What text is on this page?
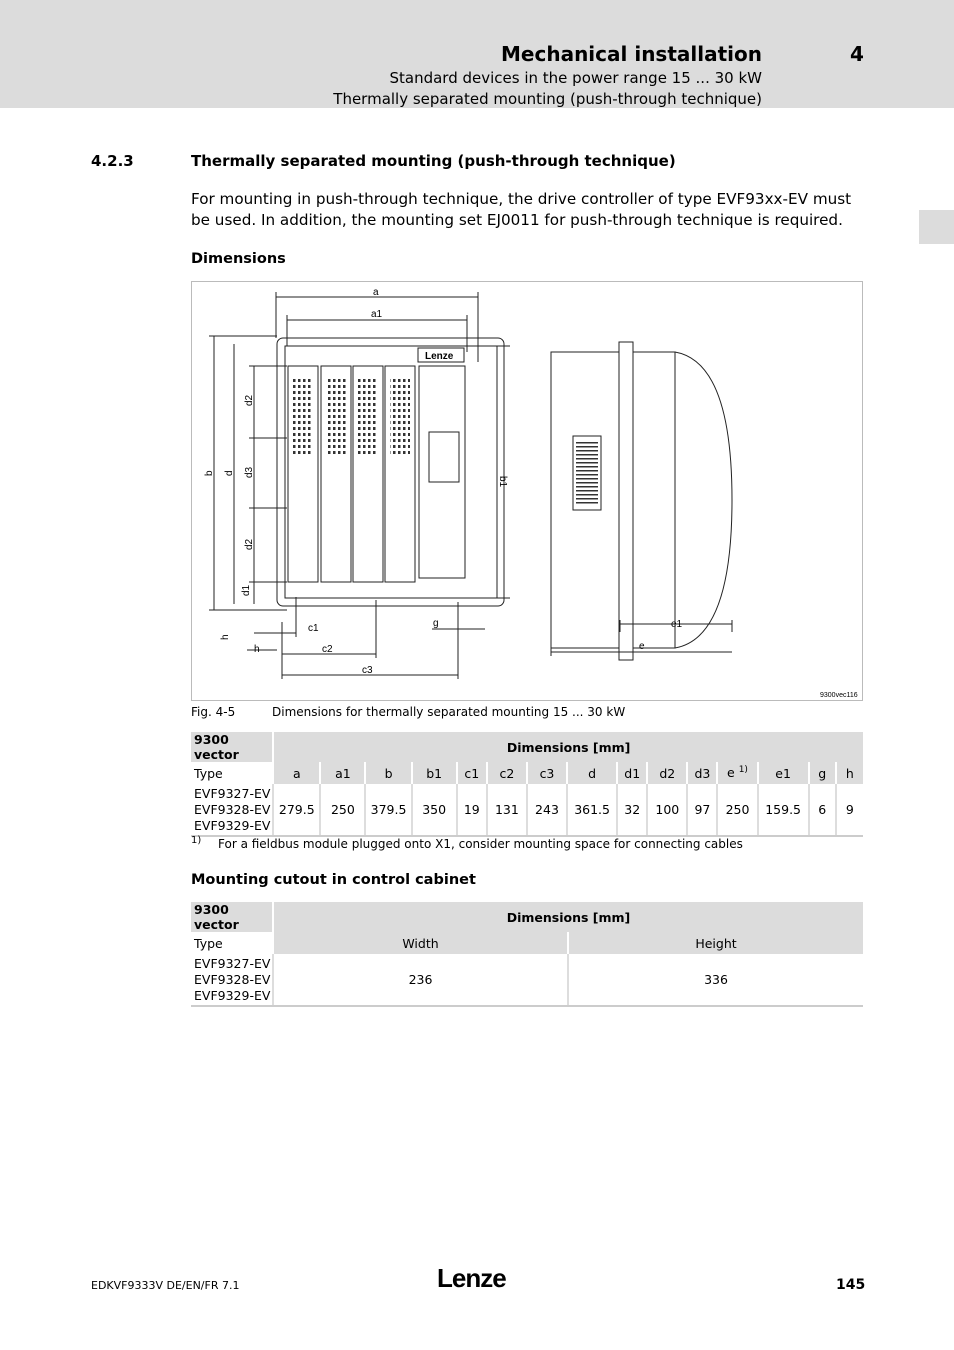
Mechanical installation	4
Standard devices in the power range 15 ... 30 kW
Thermally separated mounting (push-through technique)
4.2.3	Thermally separated mounting (push-through technique)
For mounting in push-through technique, the drive controller of type EVF93xx-EV must be used. In addition, the mounting set EJ0011 for push-through technique is required.
Dimensions
a
a1
b d
d2
d3
d2
d1
b1
c1
c2
c3
g
h
h
e1
e
Lenze
9300vec116
Fig. 4-5	Dimensions for thermally separated mounting 15 ... 30 kW
9300 vector	Dimensions [mm]														
Type	a	a1	b	b1	c1	c2	c3	d	d1	d2	d3	e $^{1)}$	e1	g	h

EVF9327-EV
EVF9328-EV
EVF9329-EV	279.5	250	379.5	350	19	131	243	361.5	32	100	97	250	159.5	6	9
1) For a fieldbus module plugged onto X1, consider mounting space for connecting cables
Mounting cutout in control cabinet
9300 vector	Dimensions [mm]	
Type	Width	Height

EVF9327-EV
EVF9328-EV
EVF9329-EV	236	336
EDKVF9333V DE/EN/FR 7.1	Lenze	145
